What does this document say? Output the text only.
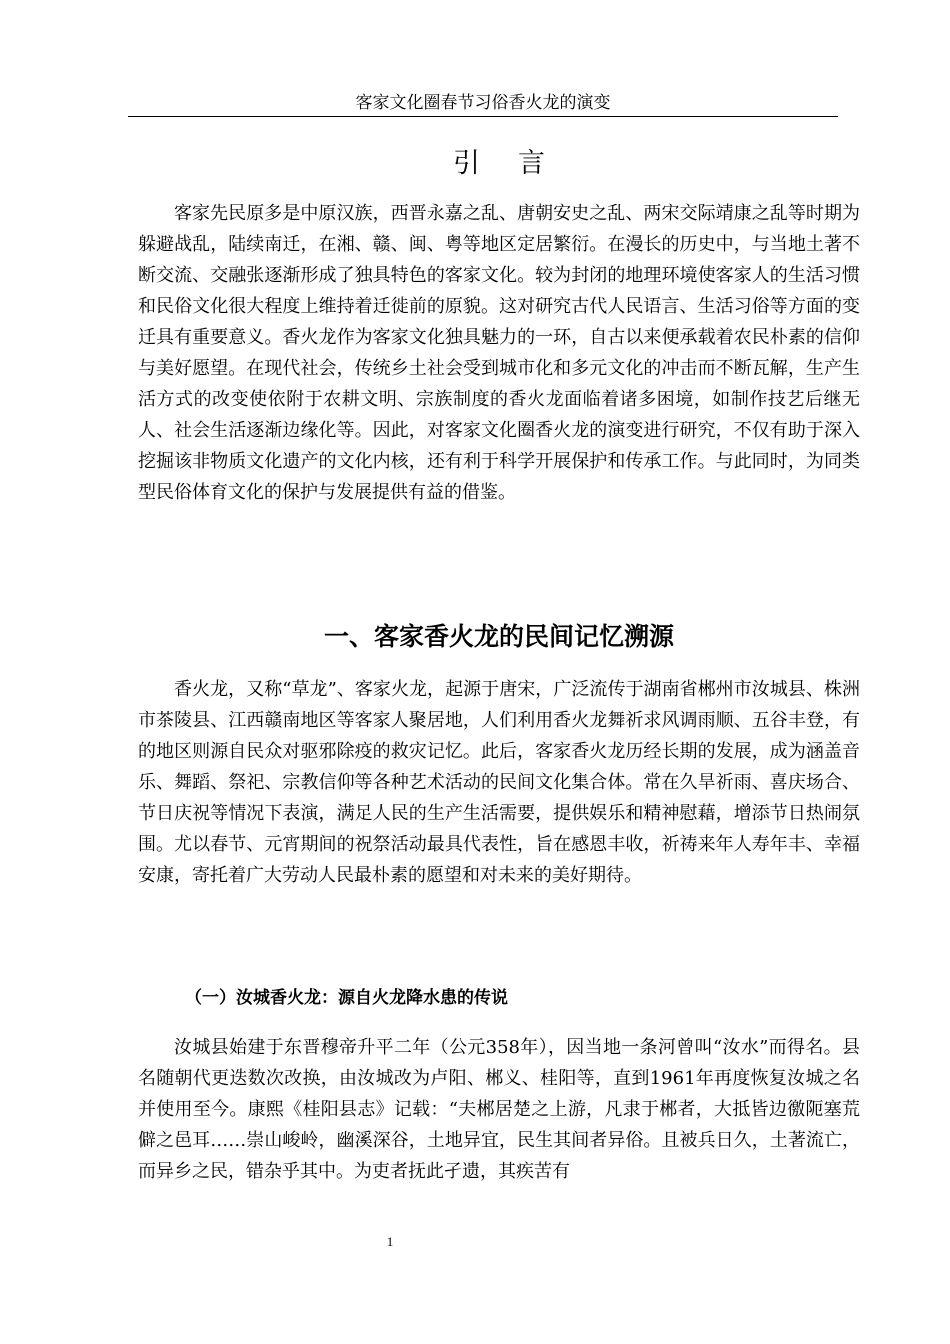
客家文化圈春节习俗香火龙的演变
引言

客家先民原多是中原汉族，西晋永嘉之乱、唐朝安史之乱、两宋交际靖康之乱等时期为躲避战乱，陆续南迁，在湘、赣、闽、粤等地区定居繁衍。在漫长的历史中，与当地土著不断交流、交融张逐渐形成了独具特色的客家文化。较为封闭的地理环境使客家人的生活习惯和民俗文化很大程度上维持着迁徙前的原貌。这对研究古代人民语言、生活习俗等方面的变迁具有重要意义。香火龙作为客家文化独具魅力的一环，自古以来便承载着农民朴素的信仰与美好愿望。在现代社会，传统乡土社会受到城市化和多元文化的冲击而不断瓦解，生产生活方式的改变使依附于农耕文明、宗族制度的香火龙面临着诸多困境，如制作技艺后继无人、社会生活逐渐边缘化等。因此，对客家文化圈香火龙的演变进行研究，不仅有助于深入挖掘该非物质文化遗产的文化内核，还有利于科学开展保护和传承工作。与此同时，为同类型民俗体育文化的保护与发展提供有益的借鉴。

一、客家香火龙的民间记忆溯源

香火龙，又称“草龙”、客家火龙，起源于唐宋，广泛流传于湖南省郴州市汝城县、株洲市茶陵县、江西赣南地区等客家人聚居地，人们利用香火龙舞祈求风调雨顺、五谷丰登，有的地区则源自民众对驱邪除疫的救灾记忆。此后，客家香火龙历经长期的发展，成为涵盖音乐、舞蹈、祭祀、宗教信仰等各种艺术活动的民间文化集合体。常在久旱祈雨、喜庆场合、节日庆祝等情况下表演，满足人民的生产生活需要，提供娱乐和精神慰藉，增添节日热闹氛围。尤以春节、元宵期间的祝祭活动最具代表性，旨在感恩丰收，祈祷来年人寿年丰、幸福安康，寄托着广大劳动人民最朴素的愿望和对未来的美好期待。

（一）汝城香火龙：源自火龙降水患的传说

汝城县始建于东晋穆帝升平二年（公元358年），因当地一条河曾叫“汝水”而得名。县名随朝代更迭数次改换，由汝城改为卢阳、郴义、桂阳等，直到1961年再度恢复汝城之名并使用至今。康熙《桂阳县志》记载：“夫郴居楚之上游，凡隶于郴者，大抵皆边徼阨塞荒僻之邑耳……崇山峻岭，幽溪深谷，土地异宜，民生其间者异俗。且被兵日久，土著流亡，而异乡之民，错杂乎其中。为吏者抚此孑遗，其疾苦有

1
